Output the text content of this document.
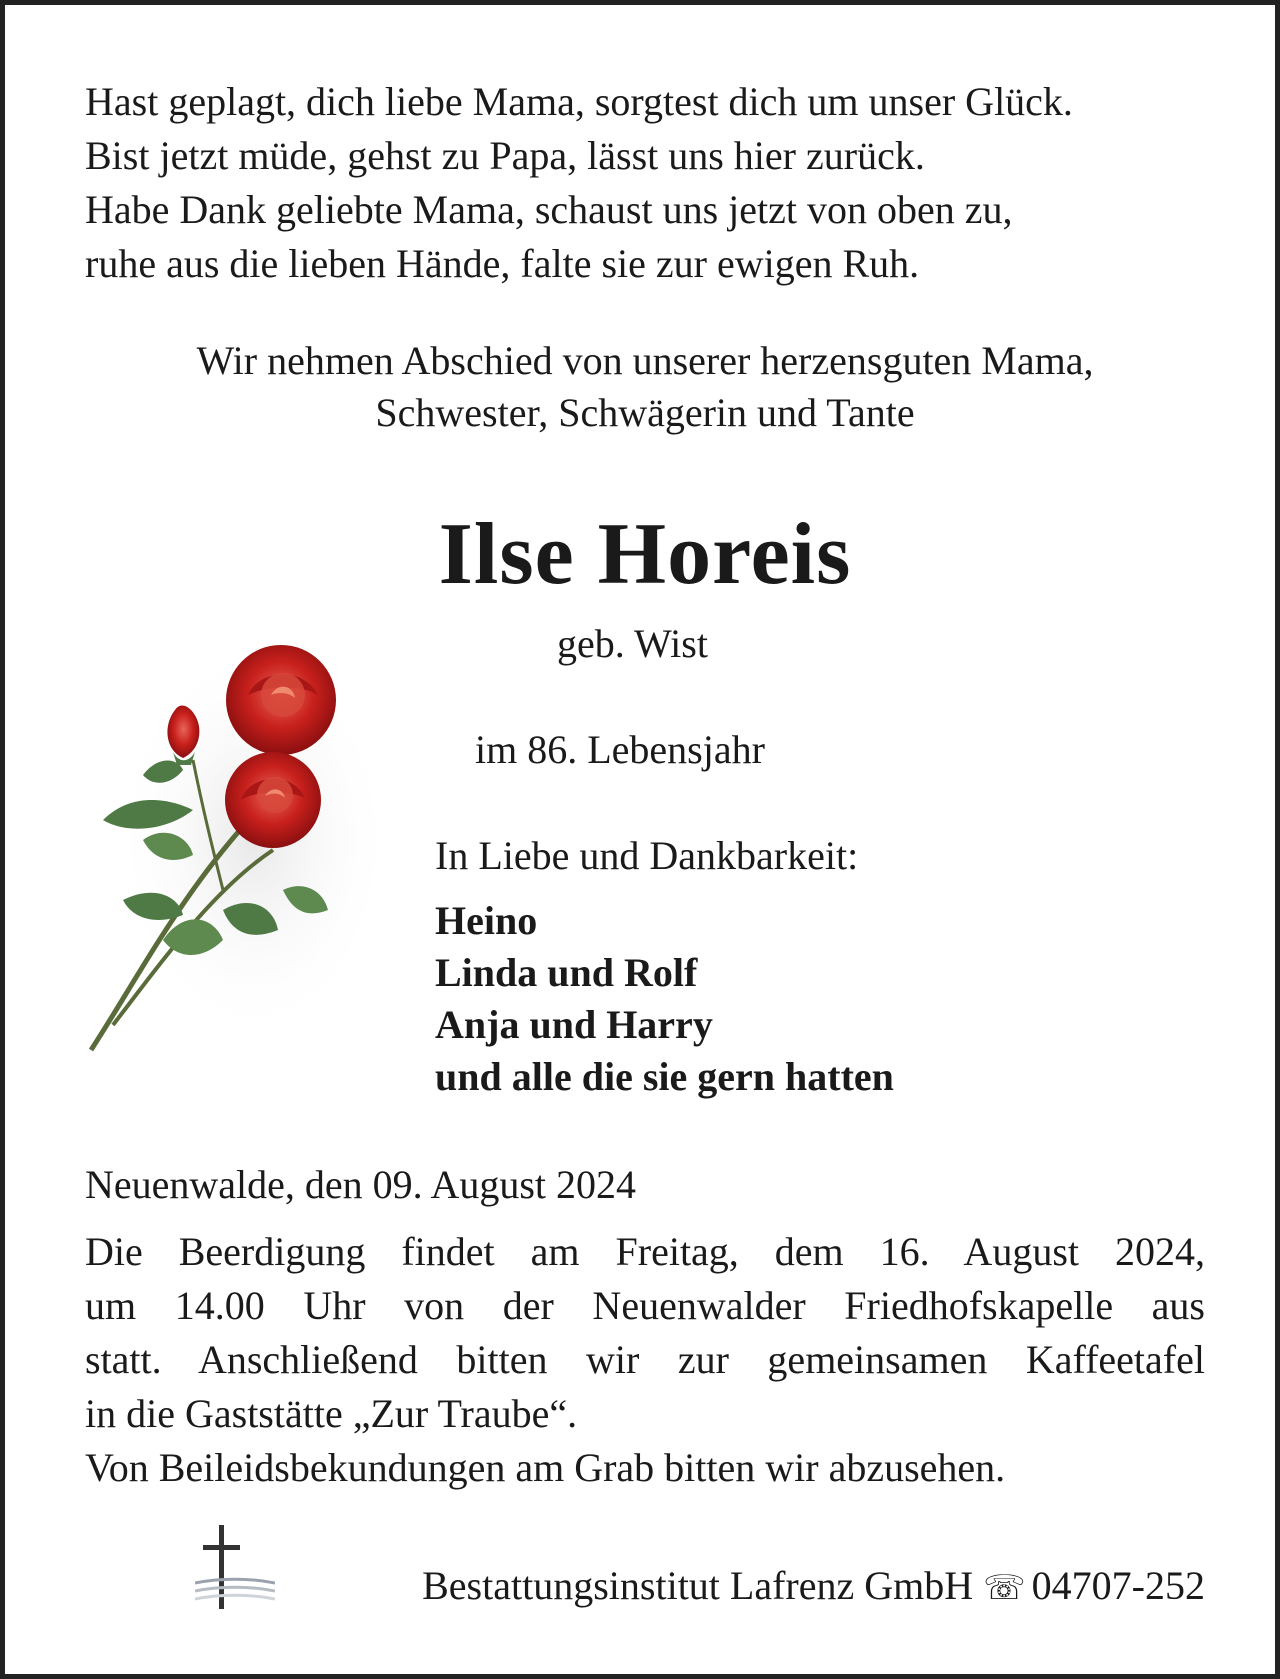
Hast geplagt, dich liebe Mama, sorgtest dich um unser Glück.
Bist jetzt müde, gehst zu Papa, lässt uns hier zurück.
Habe Dank geliebte Mama, schaust uns jetzt von oben zu,
ruhe aus die lieben Hände, falte sie zur ewigen Ruh.
Wir nehmen Abschied von unserer herzensguten Mama,
Schwester, Schwägerin und Tante
Ilse Horeis
geb. Wist
im 86. Lebensjahr
In Liebe und Dankbarkeit:
Heino
Linda und Rolf
Anja und Harry
und alle die sie gern hatten
Neuenwalde, den 09. August 2024
Die Beerdigung findet am Freitag, dem 16. August 2024,
um 14.00 Uhr von der Neuenwalder Friedhofskapelle aus
statt. Anschließend bitten wir zur gemeinsamen Kaffeetafel
in die Gaststätte „Zur Traube“.
Von Beileidsbekundungen am Grab bitten wir abzusehen.
Bestattungsinstitut Lafrenz GmbH ☏ 04707-252
